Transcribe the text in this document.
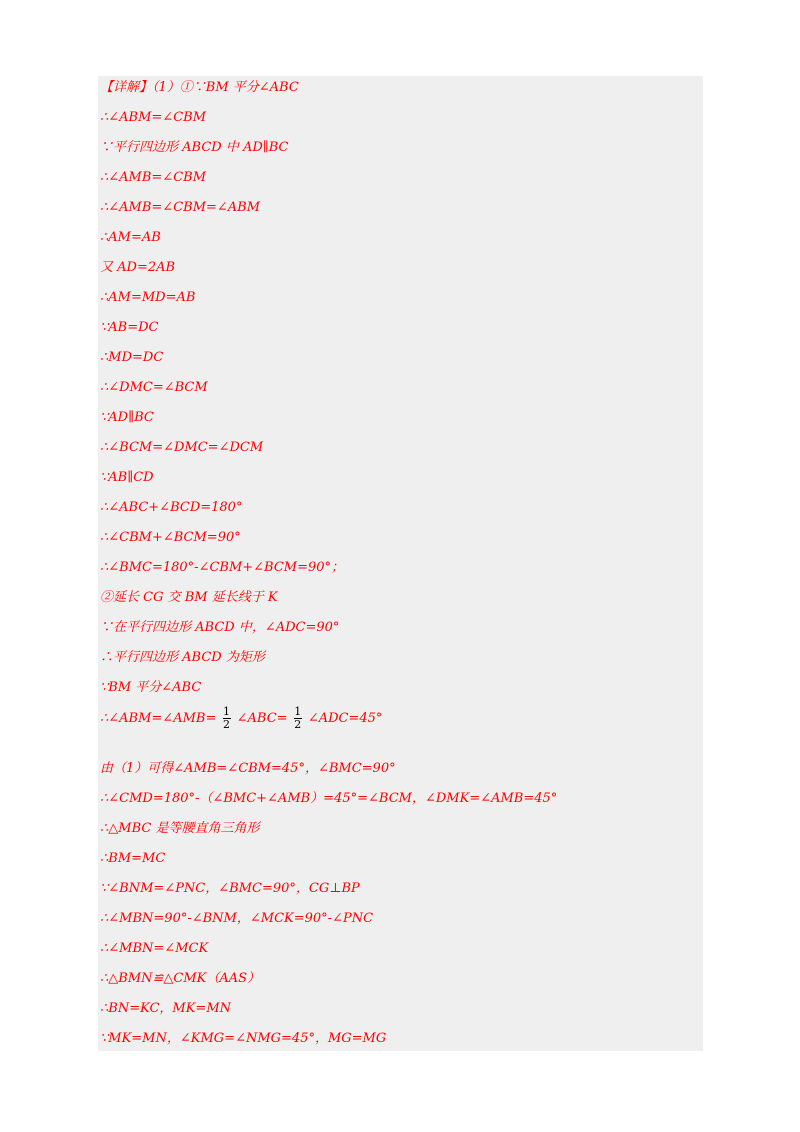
【详解】（1）①∵BM 平分∠ABC
∴∠ABM=∠CBM
∵平行四边形 ABCD 中 AD∥BC
∴∠AMB=∠CBM
∴∠AMB=∠CBM=∠ABM
∴AM=AB
又 AD=2AB
∴AM=MD=AB
∵AB=DC
∴MD=DC
∴∠DMC=∠BCM
∵AD∥BC
∴∠BCM=∠DMC=∠DCM
∵AB∥CD
∴∠ABC+∠BCD=180°
∴∠CBM+∠BCM=90°
∴∠BMC=180°-∠CBM+∠BCM=90°；
②延长 CG 交 BM 延长线于 K
∵在平行四边形 ABCD 中，∠ADC=90°
∴平行四边形 ABCD 为矩形
∵BM 平分∠ABC
∴∠ABM=∠AMB= $\frac{1}{2}$ ∠ABC= $\frac{1}{2}$ ∠ADC=45°
由（1）可得∠AMB=∠CBM=45°，∠BMC=90°
∴∠CMD=180°-（∠BMC+∠AMB）=45°=∠BCM，∠DMK=∠AMB=45°
∴△MBC 是等腰直角三角形
∴BM=MC
∵∠BNM=∠PNC，∠BMC=90°，CG⊥BP
∴∠MBN=90°-∠BNM，∠MCK=90°-∠PNC
∴∠MBN=∠MCK
∴△BMN≌△CMK（AAS）
∴BN=KC，MK=MN
∵MK=MN，∠KMG=∠NMG=45°，MG=MG
